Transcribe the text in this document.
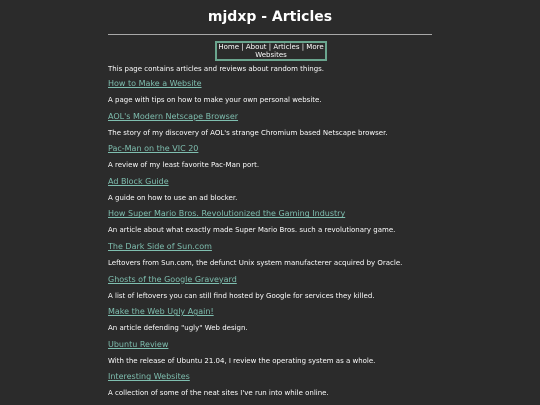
mjdxp - Articles
Home | About | Articles | More Websites

This page contains articles and reviews about random things.

How to Make a Website
A page with tips on how to make your own personal website.
AOL's Modern Netscape Browser
The story of my discovery of AOL's strange Chromium based Netscape browser.
Pac-Man on the VIC 20
A review of my least favorite Pac-Man port.
Ad Block Guide
A guide on how to use an ad blocker.
How Super Mario Bros. Revolutionized the Gaming Industry
An article about what exactly made Super Mario Bros. such a revolutionary game.
The Dark Side of Sun.com
Leftovers from Sun.com, the defunct Unix system manufacterer acquired by Oracle.
Ghosts of the Google Graveyard
A list of leftovers you can still find hosted by Google for services they killed.
Make the Web Ugly Again!
An article defending "ugly" Web design.
Ubuntu Review
With the release of Ubuntu 21.04, I review the operating system as a whole.
Interesting Websites
A collection of some of the neat sites I've run into while online.
